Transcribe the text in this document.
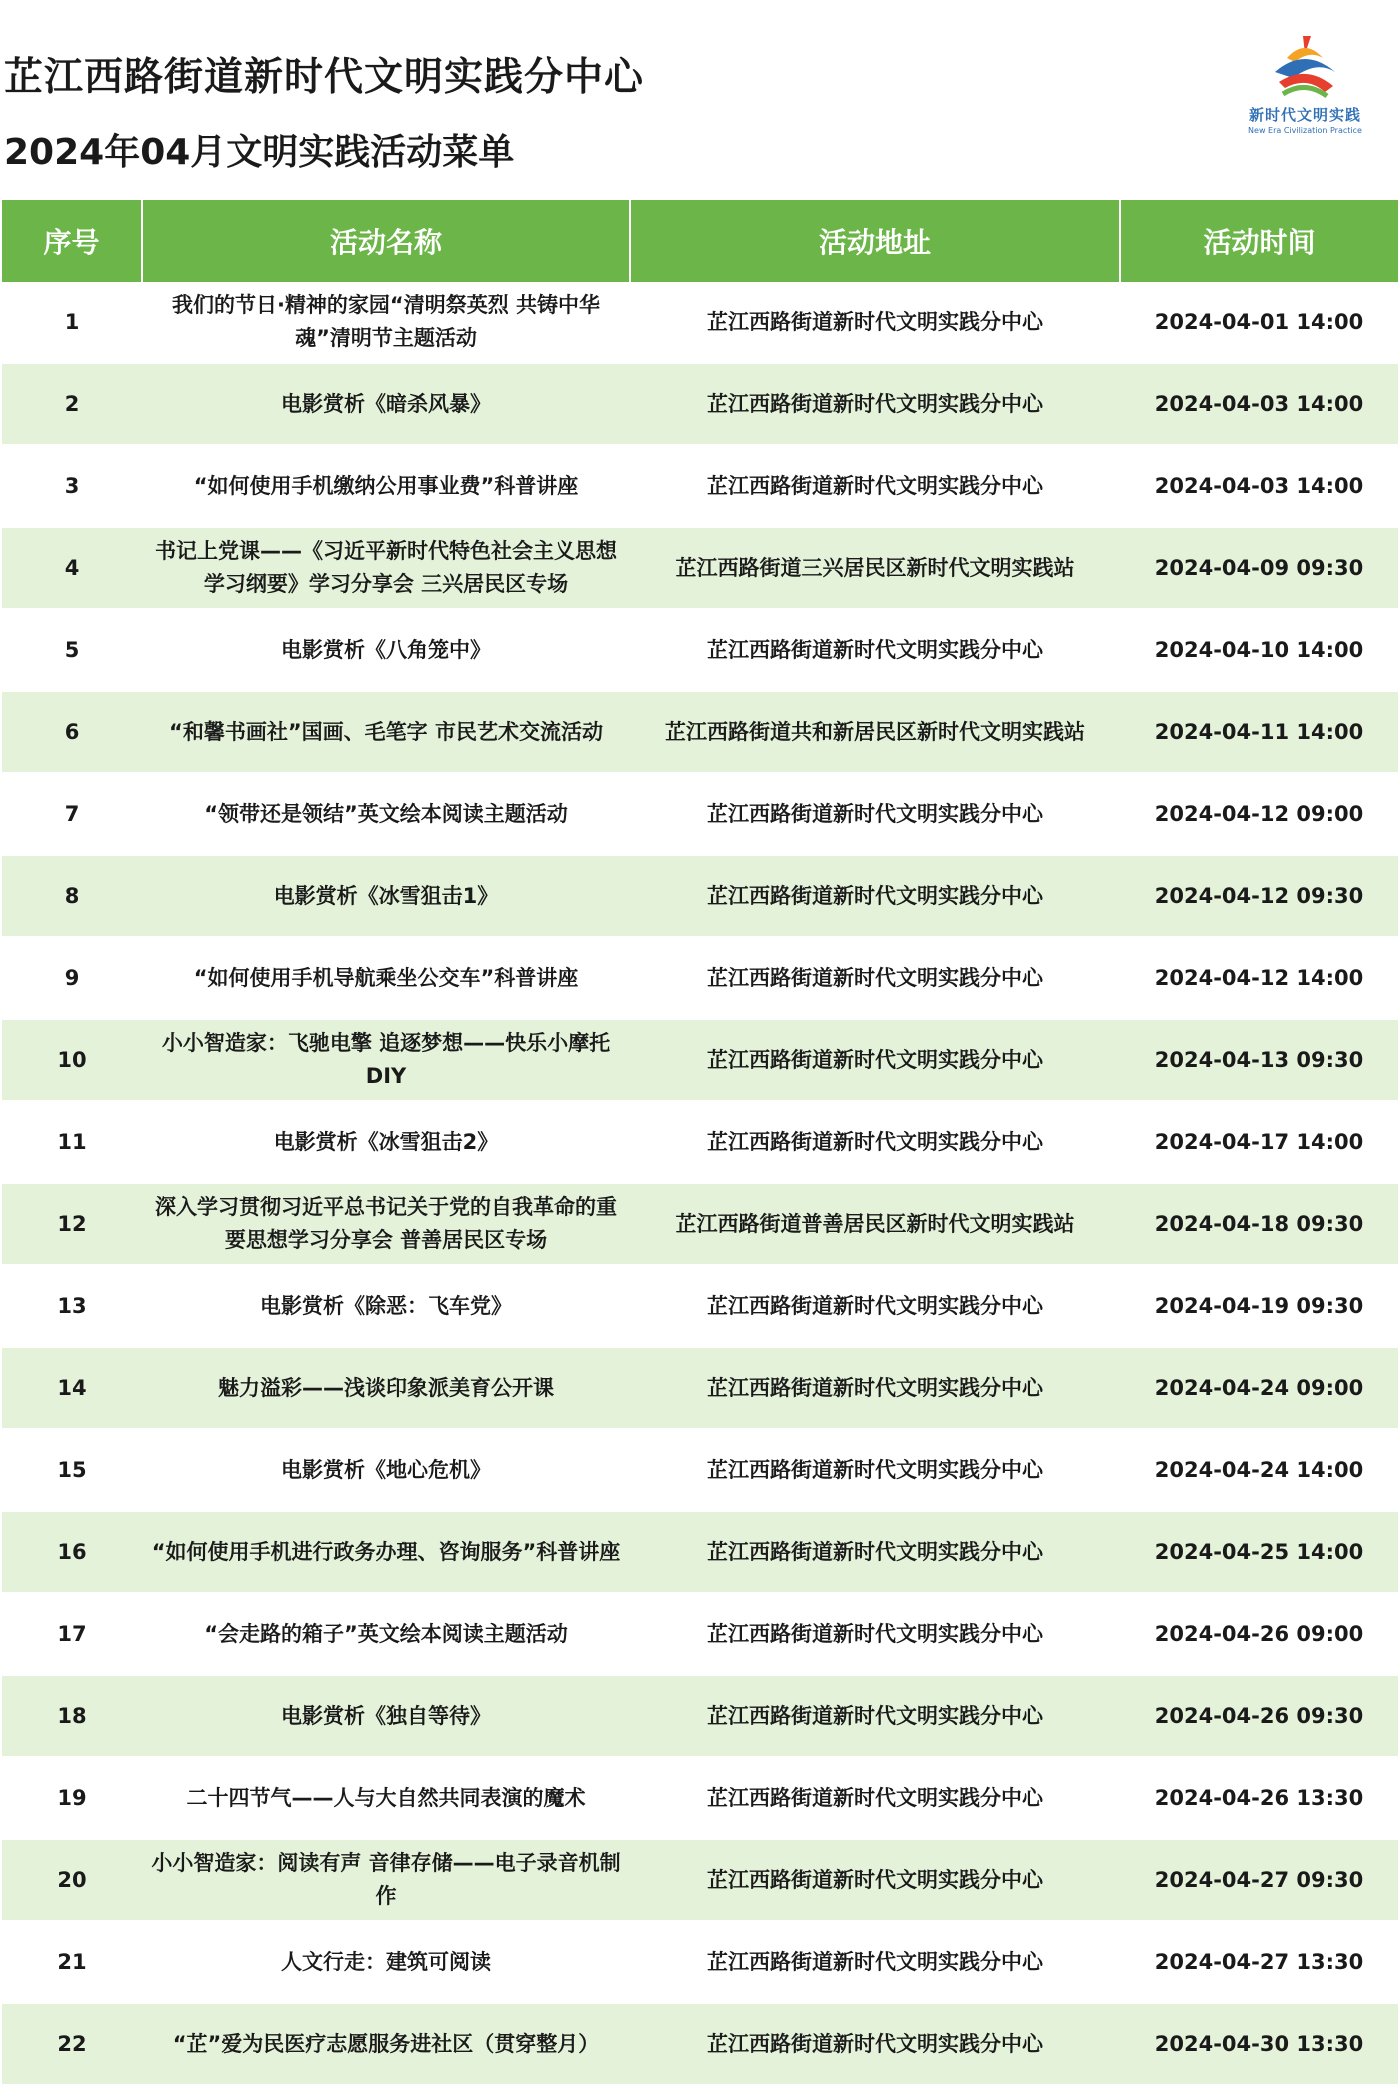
芷江西路街道新时代文明实践分中心
2024年04月文明实践活动菜单
新时代文明实践
New Era Civilization Practice
序号	活动名称	活动地址	活动时间
1	我们的节日·精神的家园“清明祭英烈 共铸中华魂”清明节主题活动	芷江西路街道新时代文明实践分中心	2024-04-01 14:00
2	电影赏析《暗杀风暴》	芷江西路街道新时代文明实践分中心	2024-04-03 14:00
3	“如何使用手机缴纳公用事业费”科普讲座	芷江西路街道新时代文明实践分中心	2024-04-03 14:00
4	书记上党课——《习近平新时代特色社会主义思想学习纲要》学习分享会 三兴居民区专场	芷江西路街道三兴居民区新时代文明实践站	2024-04-09 09:30
5	电影赏析《八角笼中》	芷江西路街道新时代文明实践分中心	2024-04-10 14:00
6	“和馨书画社”国画、毛笔字 市民艺术交流活动	芷江西路街道共和新居民区新时代文明实践站	2024-04-11 14:00
7	“领带还是领结”英文绘本阅读主题活动	芷江西路街道新时代文明实践分中心	2024-04-12 09:00
8	电影赏析《冰雪狙击1》	芷江西路街道新时代文明实践分中心	2024-04-12 09:30
9	“如何使用手机导航乘坐公交车”科普讲座	芷江西路街道新时代文明实践分中心	2024-04-12 14:00
10	小小智造家：飞驰电擎 追逐梦想——快乐小摩托DIY	芷江西路街道新时代文明实践分中心	2024-04-13 09:30
11	电影赏析《冰雪狙击2》	芷江西路街道新时代文明实践分中心	2024-04-17 14:00
12	深入学习贯彻习近平总书记关于党的自我革命的重要思想学习分享会 普善居民区专场	芷江西路街道普善居民区新时代文明实践站	2024-04-18 09:30
13	电影赏析《除恶：飞车党》	芷江西路街道新时代文明实践分中心	2024-04-19 09:30
14	魅力溢彩——浅谈印象派美育公开课	芷江西路街道新时代文明实践分中心	2024-04-24 09:00
15	电影赏析《地心危机》	芷江西路街道新时代文明实践分中心	2024-04-24 14:00
16	“如何使用手机进行政务办理、咨询服务”科普讲座	芷江西路街道新时代文明实践分中心	2024-04-25 14:00
17	“会走路的箱子”英文绘本阅读主题活动	芷江西路街道新时代文明实践分中心	2024-04-26 09:00
18	电影赏析《独自等待》	芷江西路街道新时代文明实践分中心	2024-04-26 09:30
19	二十四节气——人与大自然共同表演的魔术	芷江西路街道新时代文明实践分中心	2024-04-26 13:30
20	小小智造家：阅读有声 音律存储——电子录音机制作	芷江西路街道新时代文明实践分中心	2024-04-27 09:30
21	人文行走：建筑可阅读	芷江西路街道新时代文明实践分中心	2024-04-27 13:30
22	“芷”爱为民医疗志愿服务进社区（贯穿整月）	芷江西路街道新时代文明实践分中心	2024-04-30 13:30
